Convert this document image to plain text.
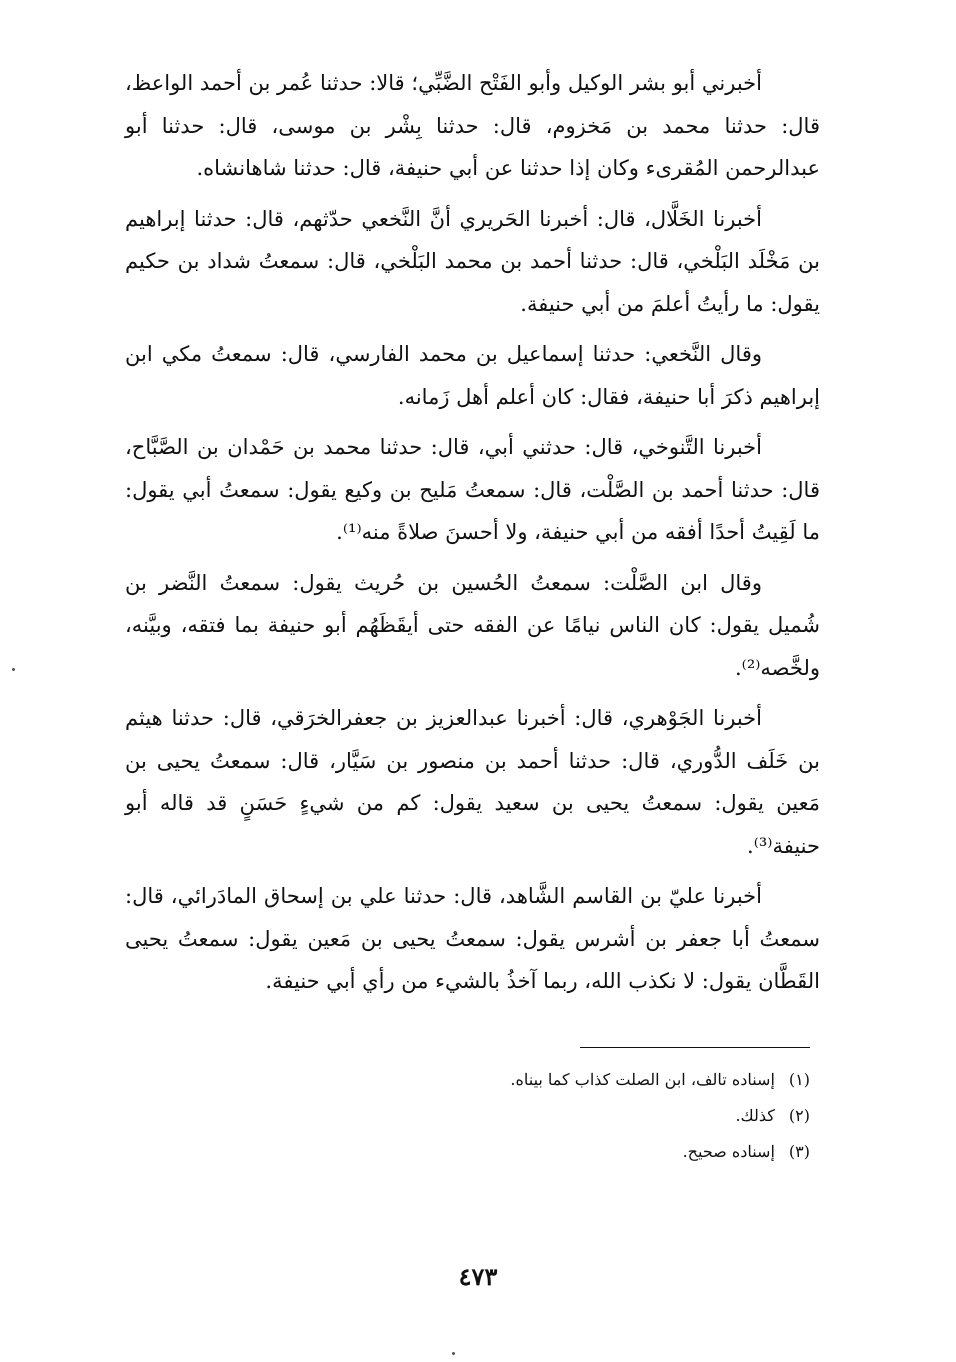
أخبرني أبو بشر الوكيل وأبو الفَتْح الضَّبِّي؛ قالا: حدثنا عُمر بن أحمد الواعظ، قال: حدثنا محمد بن مَخزوم، قال: حدثنا بِشْر بن موسى، قال: حدثنا أبو عبدالرحمن المُقرىء وكان إذا حدثنا عن أبي حنيفة، قال: حدثنا شاهانشاه.

أخبرنا الخَلَّال، قال: أخبرنا الحَريري أنَّ النَّخعي حدّثهم، قال: حدثنا إبراهيم بن مَخْلَد البَلْخي، قال: حدثنا أحمد بن محمد البَلْخي، قال: سمعتُ شداد بن حكيم يقول: ما رأيتُ أعلمَ من أبي حنيفة.

وقال النَّخعي: حدثنا إسماعيل بن محمد الفارسي، قال: سمعتُ مكي ابن إبراهيم ذكرَ أبا حنيفة، فقال: كان أعلم أهل زَمانه.

أخبرنا التَّنوخي، قال: حدثني أبي، قال: حدثنا محمد بن حَمْدان بن الصَّبَّاح، قال: حدثنا أحمد بن الصَّلْت، قال: سمعتُ مَليح بن وكيع يقول: سمعتُ أبي يقول: ما لَقِيتُ أحدًا أفقه من أبي حنيفة، ولا أحسنَ صلاةً منه⁽¹⁾.

وقال ابن الصَّلْت: سمعتُ الحُسين بن حُريث يقول: سمعتُ النَّضر بن شُميل يقول: كان الناس نيامًا عن الفقه حتى أيقَظَهُم أبو حنيفة بما فتقه، وبيَّنه، ولخَّصه⁽²⁾.

أخبرنا الجَوْهري، قال: أخبرنا عبدالعزيز بن جعفرالخرَقي، قال: حدثنا هيثم بن خَلَف الدُّوري، قال: حدثنا أحمد بن منصور بن سَيَّار، قال: سمعتُ يحيى بن مَعين يقول: سمعتُ يحيى بن سعيد يقول: كم من شيءٍ حَسَنٍ قد قاله أبو حنيفة⁽³⁾.

أخبرنا عليّ بن القاسم الشَّاهد، قال: حدثنا علي بن إسحاق المادَرائي، قال: سمعتُ أبا جعفر بن أشرس يقول: سمعتُ يحيى بن مَعين يقول: سمعتُ يحيى القَطَّان يقول: لا نكذب الله، ربما آخذُ بالشيء من رأي أبي حنيفة.

(١)
إسناده تالف، ابن الصلت كذاب كما بيناه.
(٢)
كذلك.
(٣)
إسناده صحيح.
٤٧٣
